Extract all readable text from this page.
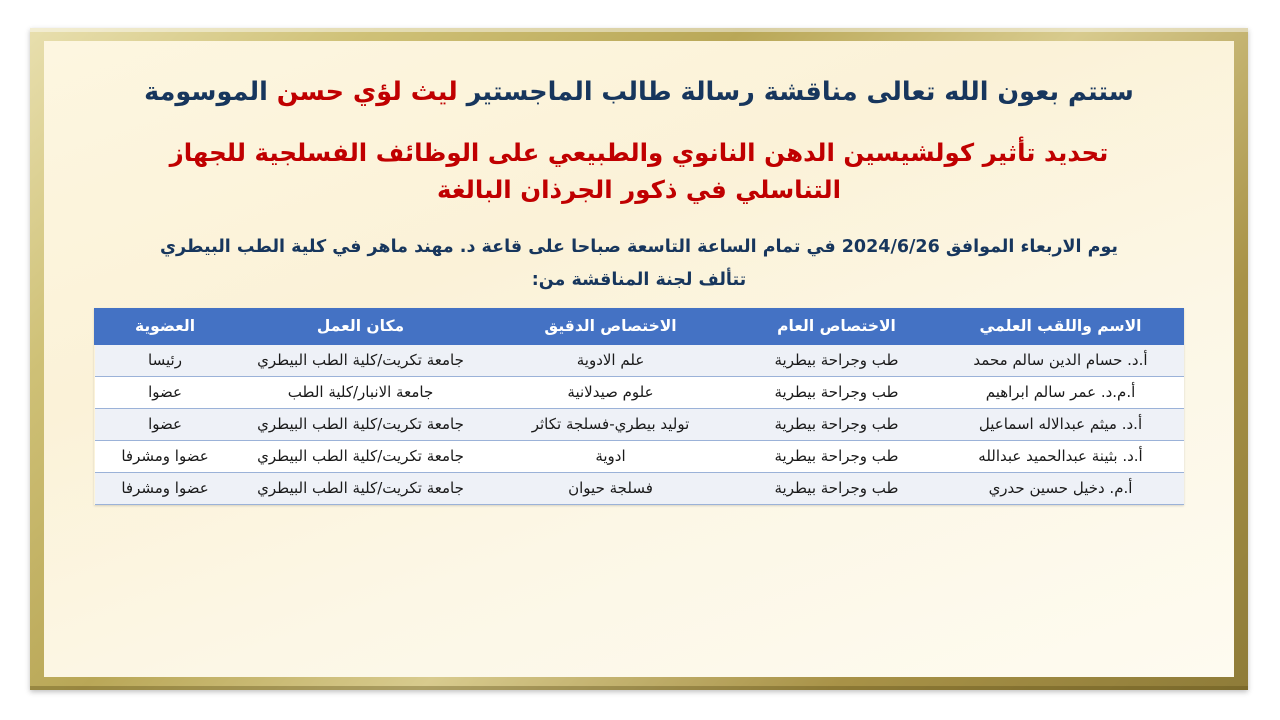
ستتم بعون الله تعالى مناقشة رسالة طالب الماجستير ليث لؤي حسن الموسومة
تحديد تأثير كولشيسين الدهن النانوي والطبيعي على الوظائف الفسلجية للجهاز التناسلي في ذكور الجرذان البالغة
يوم الاربعاء الموافق 2024/6/26 في تمام الساعة التاسعة صباحا على قاعة د. مهند ماهر في كلية الطب البيطري
تتألف لجنة المناقشة من:
الاسم واللقب العلمي	الاختصاص العام	الاختصاص الدقيق	مكان العمل	العضوية
أ.د. حسام الدين سالم محمد	طب وجراحة بيطرية	علم الادوية	جامعة تكريت/كلية الطب البيطري	رئيسا
أ.م.د. عمر سالم ابراهيم	طب وجراحة بيطرية	علوم صيدلانية	جامعة الانبار/كلية الطب	عضوا
أ.د. ميثم عبدالاله اسماعيل	طب وجراحة بيطرية	توليد بيطري-فسلجة تكاثر	جامعة تكريت/كلية الطب البيطري	عضوا
أ.د. بثينة عبدالحميد عبدالله	طب وجراحة بيطرية	ادوية	جامعة تكريت/كلية الطب البيطري	عضوا ومشرفا
أ.م. دخيل حسين حدري	طب وجراحة بيطرية	فسلجة حيوان	جامعة تكريت/كلية الطب البيطري	عضوا ومشرفا
